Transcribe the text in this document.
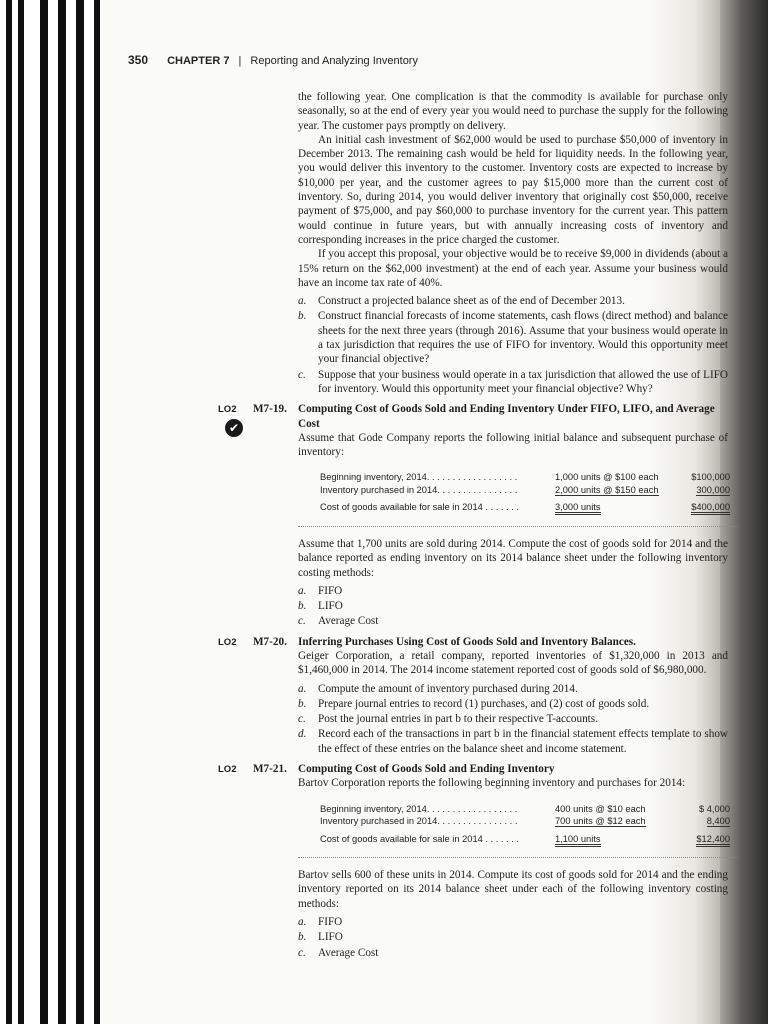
350 CHAPTER 7 | Reporting and Analyzing Inventory

the following year. One complication is that the commodity is available for purchase only seasonally, so at the end of every year you would need to purchase the supply for the following year. The customer pays promptly on delivery.

An initial cash investment of $62,000 would be used to purchase $50,000 of inventory in December 2013. The remaining cash would be held for liquidity needs. In the following year, you would deliver this inventory to the customer. Inventory costs are expected to increase by $10,000 per year, and the customer agrees to pay $15,000 more than the current cost of inventory. So, during 2014, you would deliver inventory that originally cost $50,000, receive payment of $75,000, and pay $60,000 to purchase inventory for the current year. This pattern would continue in future years, but with annually increasing costs of inventory and corresponding increases in the price charged the customer.

If you accept this proposal, your objective would be to receive $9,000 in dividends (about a 15% return on the $62,000 investment) at the end of each year. Assume your business would have an income tax rate of 40%.

a.	Construct a projected balance sheet as of the end of December 2013.
b.	Construct financial forecasts of income statements, cash flows (direct method) and balance sheets for the next three years (through 2016). Assume that your business would operate in a tax jurisdiction that requires the use of FIFO for inventory. Would this opportunity meet your financial objective?
c.	Suppose that your business would operate in a tax jurisdiction that allowed the use of LIFO for inventory. Would this opportunity meet your financial objective? Why?
LO2 M7-19.
✔
Computing Cost of Goods Sold and Ending Inventory Under FIFO, LIFO, and Average Cost

Assume that Gode Company reports the following initial balance and subsequent purchase of inventory:

Beginning inventory, 2014. . . . . . . . . . . . . . . . . .	1,000 units @ $100 each	$100,000
Inventory purchased in 2014. . . . . . . . . . . . . . . .	2,000 units @ $150 each	300,000
Cost of goods available for sale in 2014 . . . . . . .	3,000 units	$400,000

Assume that 1,700 units are sold during 2014. Compute the cost of goods sold for 2014 and the balance reported as ending inventory on its 2014 balance sheet under the following inventory costing methods:

a.	FIFO
b.	LIFO
c.	Average Cost
LO2 M7-20. Inferring Purchases Using Cost of Goods Sold and Inventory Balances.

Geiger Corporation, a retail company, reported inventories of $1,320,000 in 2013 and $1,460,000 in 2014. The 2014 income statement reported cost of goods sold of $6,980,000.

a.	Compute the amount of inventory purchased during 2014.
b.	Prepare journal entries to record (1) purchases, and (2) cost of goods sold.
c.	Post the journal entries in part b to their respective T-accounts.
d.	Record each of the transactions in part b in the financial statement effects template to show the effect of these entries on the balance sheet and income statement.
LO2 M7-21. Computing Cost of Goods Sold and Ending Inventory

Bartov Corporation reports the following beginning inventory and purchases for 2014:

Beginning inventory, 2014. . . . . . . . . . . . . . . . . .	400 units @ $10 each	$ 4,000
Inventory purchased in 2014. . . . . . . . . . . . . . . .	700 units @ $12 each	8,400
Cost of goods available for sale in 2014 . . . . . . .	1,100 units	$12,400

Bartov sells 600 of these units in 2014. Compute its cost of goods sold for 2014 and the ending inventory reported on its 2014 balance sheet under each of the following inventory costing methods:

a.	FIFO
b.	LIFO
c.	Average Cost
